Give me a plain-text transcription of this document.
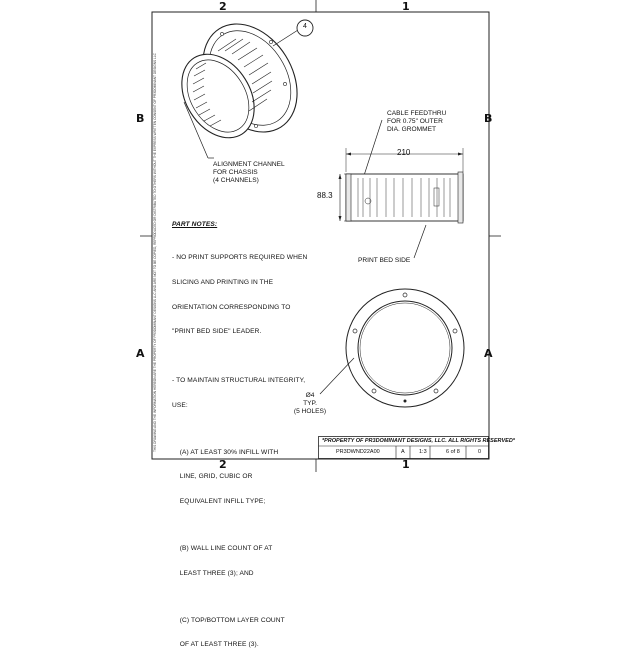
2	1
2	1
B
A
B
A
THIS DRAWING AND THE INFORMATION HEREON ARE THE PROPERTY OF PR3DOMINANT DESIGNS LLC AND ARE NOT TO BE COPIED, REPRODUCED OR DISTRIBUTED TO OTHERS WITHOUT THE EXPRESS WRITTEN CONSENT OF PR3DOMINANT DESIGNS LLC
4
ALIGNMENT CHANNEL
FOR CHASSIS
(4 CHANNELS)
CABLE FEEDTHRU
FOR 0.75" OUTER
DIA. GROMMET
210
88.3
PRINT BED SIDE
Ø4
TYP.
(5 HOLES)
PART NOTES:

- NO PRINT SUPPORTS REQUIRED WHEN

SLICING AND PRINTING IN THE

ORIENTATION CORRESPONDING TO

"PRINT BED SIDE" LEADER.

- TO MAINTAIN STRUCTURAL INTEGRITY,

USE:

(A) AT LEAST 30% INFILL WITH

LINE, GRID, CUBIC OR

EQUIVALENT INFILL TYPE;

(B) WALL LINE COUNT OF AT

LEAST THREE (3); AND

(C) TOP/BOTTOM LAYER COUNT

OF AT LEAST THREE (3).

*PROPERTY OF PR3DOMINANT DESIGNS, LLC. ALL RIGHTS RESERVED*
PR3DWND22A00	A	1:3	6 of 8	0
